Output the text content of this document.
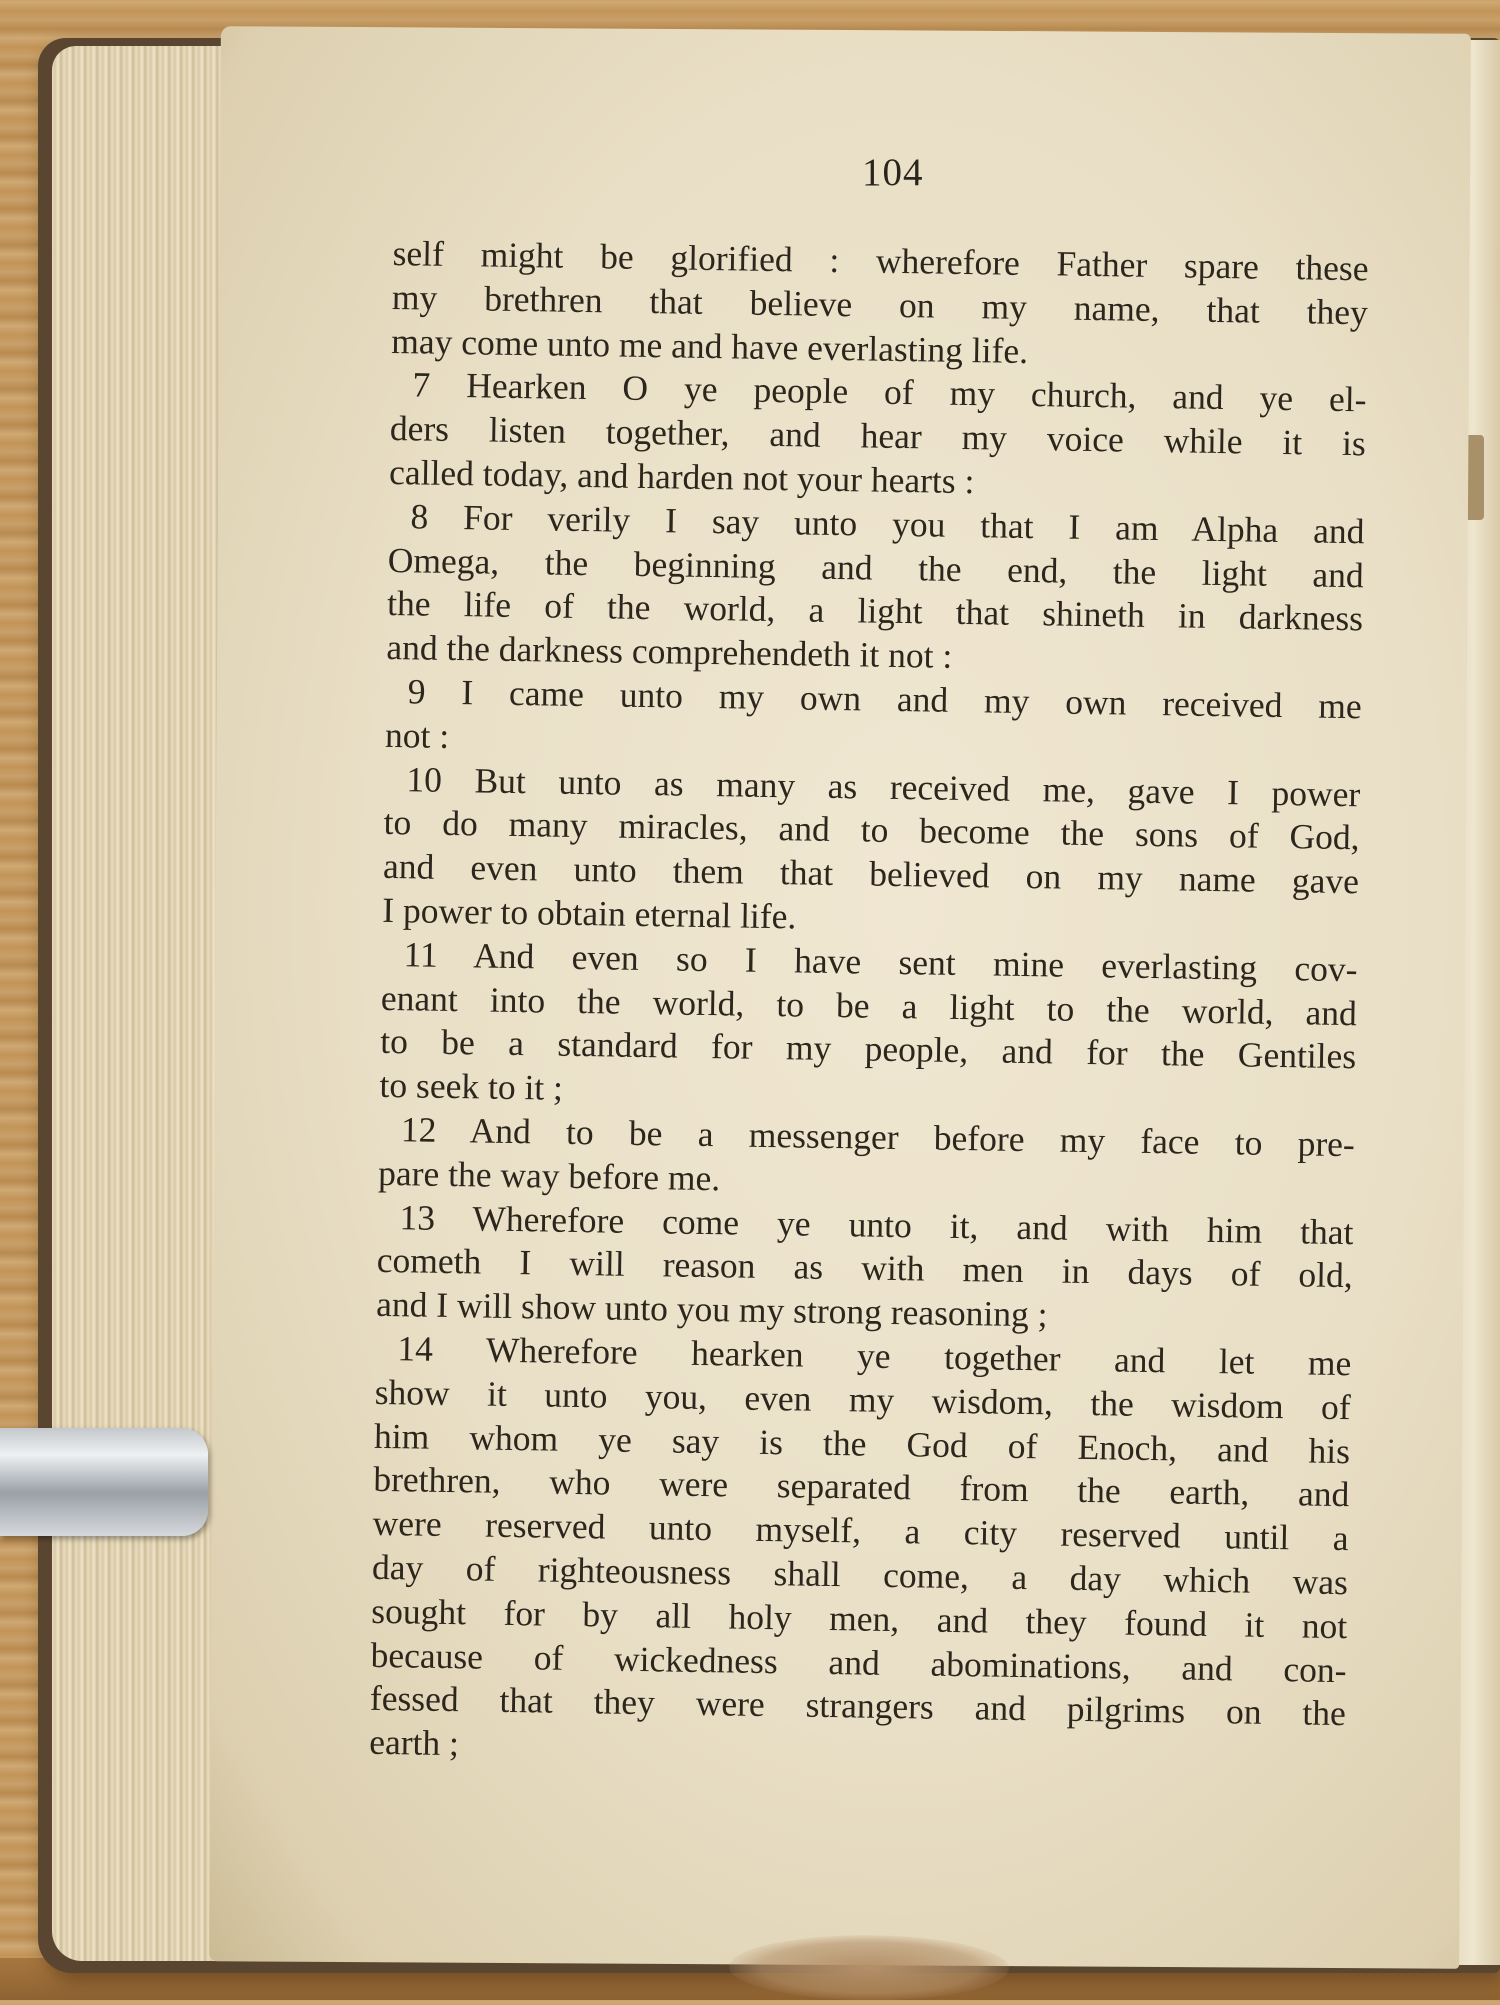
104
self might be glorified : wherefore Father spare these
my brethren that believe on my name, that they
may come unto me and have everlasting life.
7 Hearken O ye people of my church, and ye el-
ders listen together, and hear my voice while it is
called today, and harden not your hearts :
8 For verily I say unto you that I am Alpha and
Omega, the beginning and the end, the light and
the life of the world, a light that shineth in darkness
and the darkness comprehendeth it not :
9 I came unto my own and my own received me
not :
10 But unto as many as received me, gave I power
to do many miracles, and to become the sons of God,
and even unto them that believed on my name gave
I power to obtain eternal life.
11 And even so I have sent mine everlasting cov-
enant into the world, to be a light to the world, and
to be a standard for my people, and for the Gentiles
to seek to it ;
12 And to be a messenger before my face to pre-
pare the way before me.
13 Wherefore come ye unto it, and with him that
cometh I will reason as with men in days of old,
and I will show unto you my strong reasoning ;
14 Wherefore hearken ye together and let me
show it unto you, even my wisdom, the wisdom of
him whom ye say is the God of Enoch, and his
brethren, who were separated from the earth, and
were reserved unto myself, a city reserved until a
day of righteousness shall come, a day which was
sought for by all holy men, and they found it not
because of wickedness and abominations, and con-
fessed that they were strangers and pilgrims on the
earth ;
